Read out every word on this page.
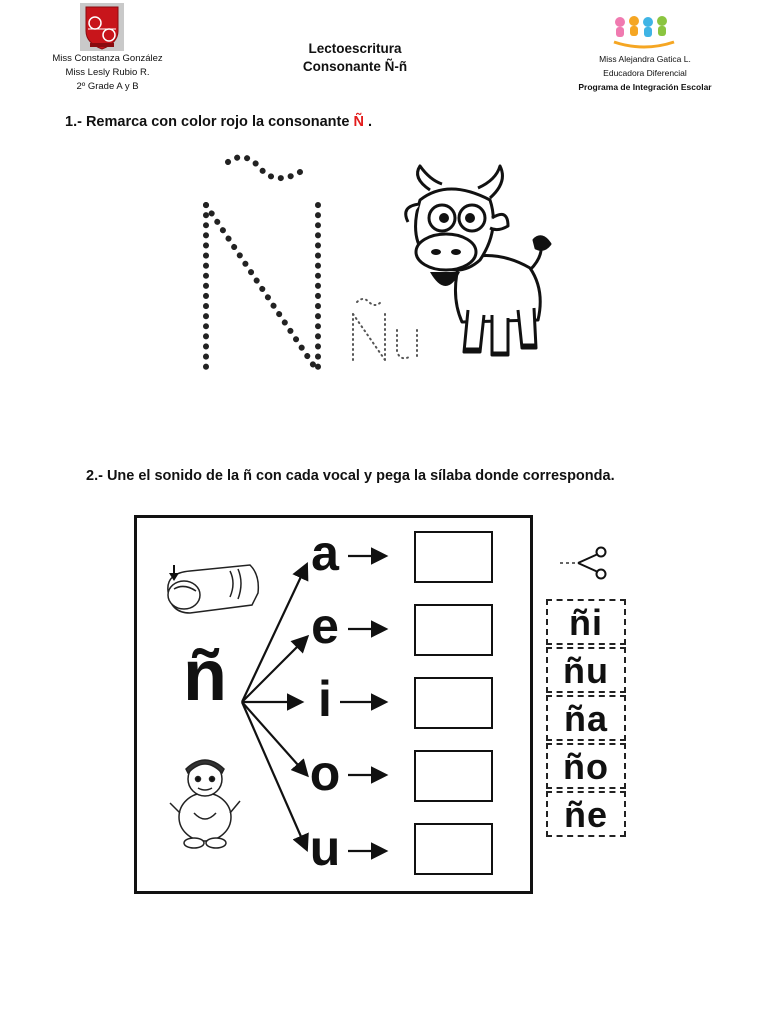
Miss Constanza González
Miss Lesly Rubio R.
2º Grade A y B
Lectoescritura
Consonante Ñ-ñ	Miss Alejandra Gatica L.
Educadora Diferencial
Programa de Integración Escolar
1.- Remarca con color rojo la consonante Ñ .
2.- Une el sonido de la ñ con cada vocal y pega la sílaba donde corresponda.
ñ
a
e
i
o
u
ñi
ñu
ña
ño
ñe
